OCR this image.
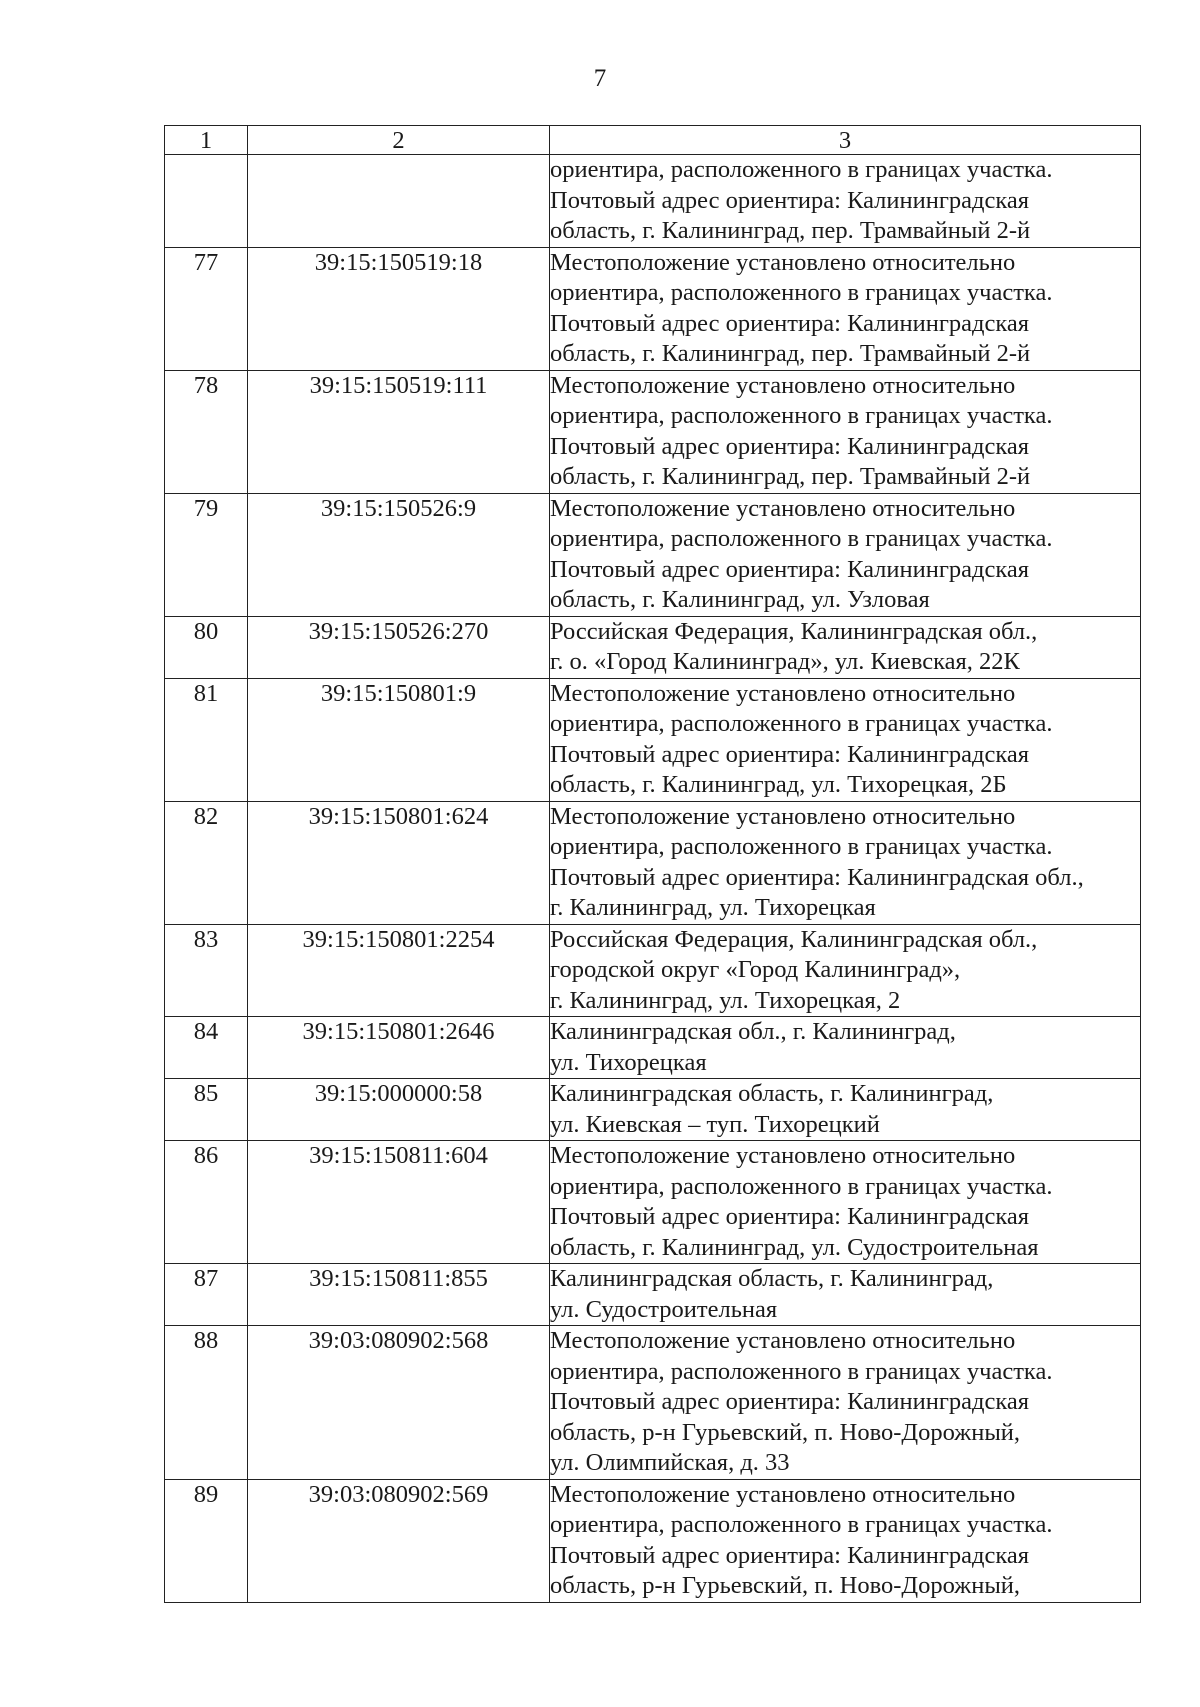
7
1	2	3

		ориентира, расположенного в границах участка.
Почтовый адрес ориентира: Калининградская
область, г. Калининград, пер. Трамвайный 2-й

77	39:15:150519:18	Местоположение установлено относительно
ориентира, расположенного в границах участка.
Почтовый адрес ориентира: Калининградская
область, г. Калининград, пер. Трамвайный 2-й

78	39:15:150519:111	Местоположение установлено относительно
ориентира, расположенного в границах участка.
Почтовый адрес ориентира: Калининградская
область, г. Калининград, пер. Трамвайный 2-й

79	39:15:150526:9	Местоположение установлено относительно
ориентира, расположенного в границах участка.
Почтовый адрес ориентира: Калининградская
область, г. Калининград, ул. Узловая

80	39:15:150526:270	Российская Федерация, Калининградская обл.,
г. о. «Город Калининград», ул. Киевская, 22К

81	39:15:150801:9	Местоположение установлено относительно
ориентира, расположенного в границах участка.
Почтовый адрес ориентира: Калининградская
область, г. Калининград, ул. Тихорецкая, 2Б

82	39:15:150801:624	Местоположение установлено относительно
ориентира, расположенного в границах участка.
Почтовый адрес ориентира: Калининградская обл.,
г. Калининград, ул. Тихорецкая

83	39:15:150801:2254	Российская Федерация, Калининградская обл.,
городской округ «Город Калининград»,
г. Калининград, ул. Тихорецкая, 2

84	39:15:150801:2646	Калининградская обл., г. Калининград,
ул. Тихорецкая

85	39:15:000000:58	Калининградская область, г. Калининград,
ул. Киевская – туп. Тихорецкий

86	39:15:150811:604	Местоположение установлено относительно
ориентира, расположенного в границах участка.
Почтовый адрес ориентира: Калининградская
область, г. Калининград, ул. Судостроительная

87	39:15:150811:855	Калининградская область, г. Калининград,
ул. Судостроительная

88	39:03:080902:568	Местоположение установлено относительно
ориентира, расположенного в границах участка.
Почтовый адрес ориентира: Калининградская
область, р-н Гурьевский, п. Ново-Дорожный,
ул. Олимпийская, д. 33

89	39:03:080902:569	Местоположение установлено относительно
ориентира, расположенного в границах участка.
Почтовый адрес ориентира: Калининградская
область, р-н Гурьевский, п. Ново-Дорожный,
